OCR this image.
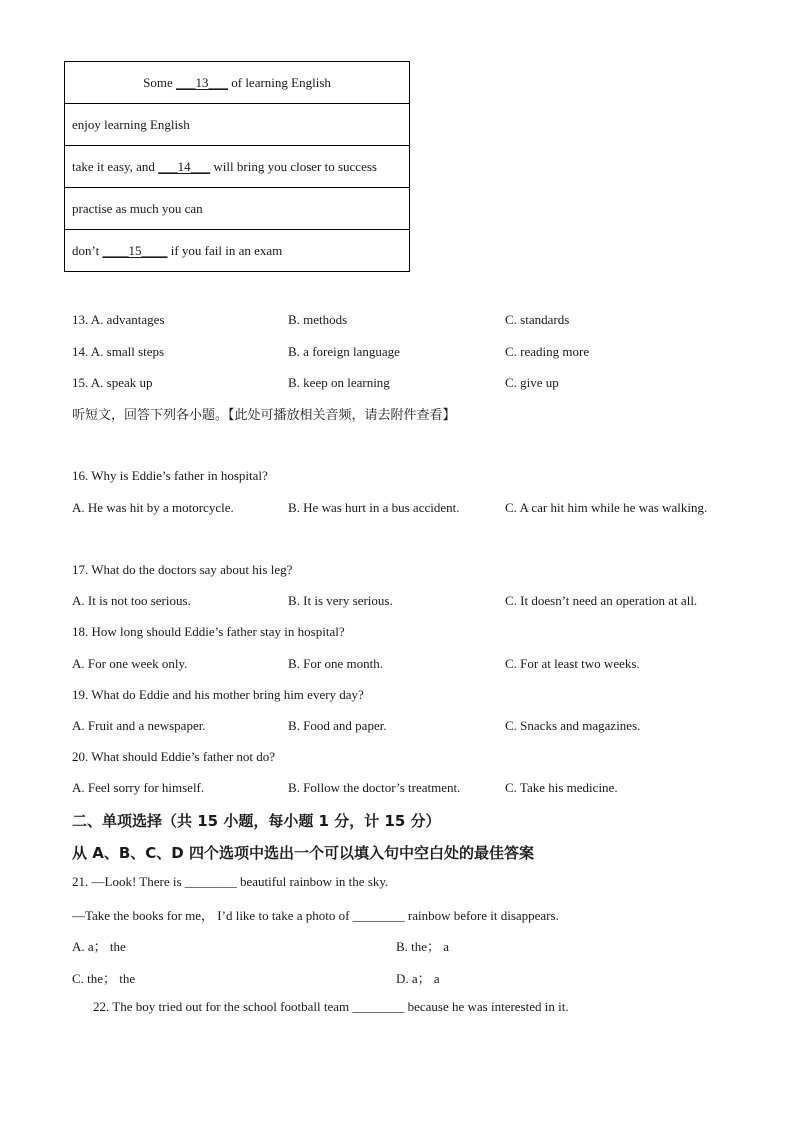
Some ___13___ of learning English
enjoy learning English
take it easy, and ___14___ will bring you closer to success
practise as much you can
don’t ____15____ if you fail in an exam
13. A. advantages	B. methods	C. standards
14. A. small steps	B. a foreign language	C. reading more
15. A. speak up	B. keep on learning	C. give up
听短文，回答下列各小题。【此处可播放相关音频，请去附件查看】
16. Why is Eddie’s father in hospital?
A. He was hit by a motorcycle.	B. He was hurt in a bus accident.	C. A car hit him while he was walking.
17. What do the doctors say about his leg?
A. It is not too serious.	B. It is very serious.	C. It doesn’t need an operation at all.
18. How long should Eddie’s father stay in hospital?
A. For one week only.	B. For one month.	C. For at least two weeks.
19. What do Eddie and his mother bring him every day?
A. Fruit and a newspaper.	B. Food and paper.	C. Snacks and magazines.
20. What should Eddie’s father not do?
A. Feel sorry for himself.	B. Follow the doctor’s treatment.	C. Take his medicine.
二、单项选择（共 15 小题，每小题 1 分，计 15 分）
从 A、B、C、D 四个选项中选出一个可以填入句中空白处的最佳答案
21. —Look! There is ________ beautiful rainbow in the sky.
—Take the books for me， I’d like to take a photo of ________ rainbow before it disappears.
A. a； the	B. the； a
C. the； the	D. a； a
22. The boy tried out for the school football team ________ because he was interested in it.
